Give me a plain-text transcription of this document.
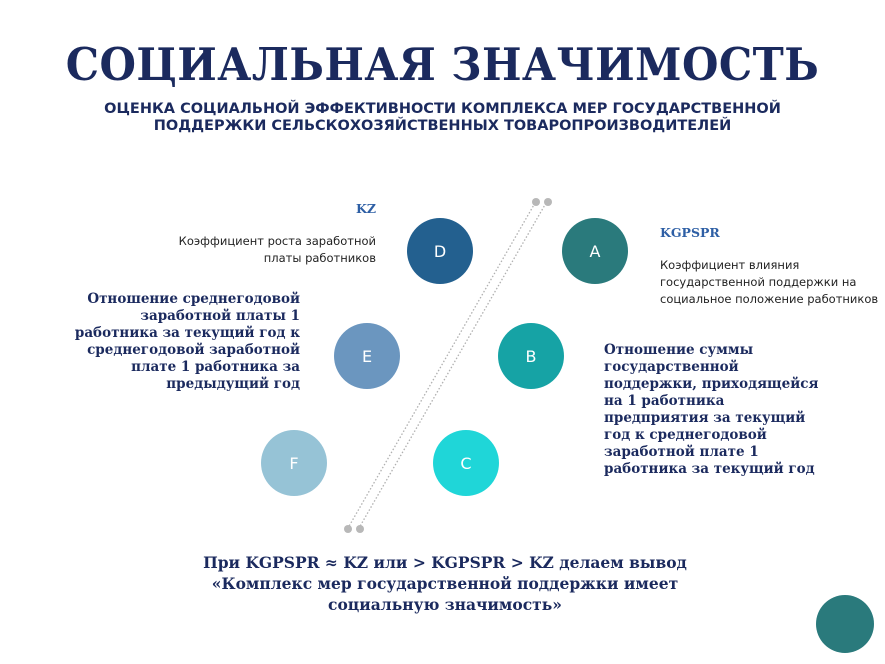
СОЦИАЛЬНАЯ ЗНАЧИМОСТЬ
ОЦЕНКА СОЦИАЛЬНОЙ ЭФФЕКТИВНОСТИ КОМПЛЕКСА МЕР ГОСУДАРСТВЕННОЙ
ПОДДЕРЖКИ СЕЛЬСКОХОЗЯЙСТВЕННЫХ ТОВАРОПРОИЗВОДИТЕЛЕЙ
D	A
E	B
F	C
KZ
Коэффициент роста заработной
платы работников
KGPSPR
Коэффициент влияния
государственной поддержки на
социальное положение работников
Отношение среднегодовой
заработной платы 1
работника за текущий год к
среднегодовой заработной
плате 1 работника за
предыдущий год
Отношение суммы
государственной
поддержки, приходящейся
на 1 работника
предприятия за текущий
год к среднегодовой
заработной плате 1
работника за текущий год
При KGPSPR ≈ KZ или > KGPSPR > KZ делаем вывод
«Комплекс мер государственной поддержки имеет
социальную значимость»
